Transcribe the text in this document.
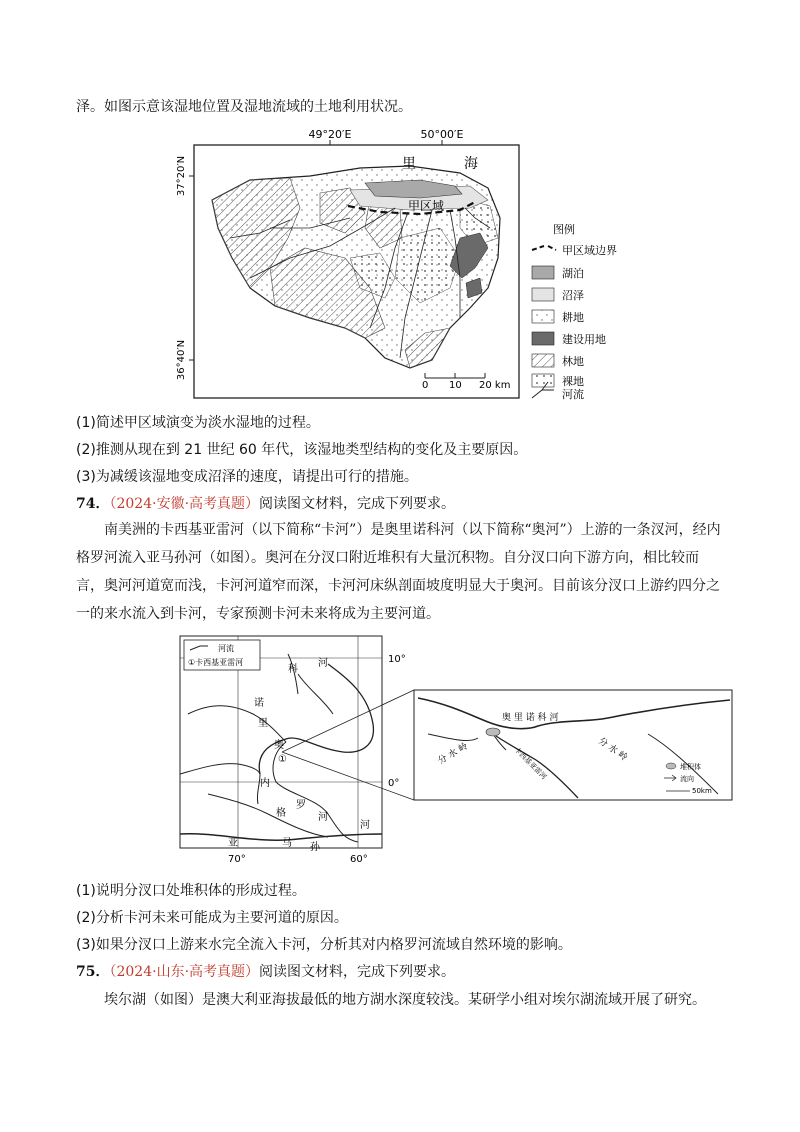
泽。如图示意该湿地位置及湿地流域的土地利用状况。
49°20′E	50°00′E
37°20′N
36°40′N
里	海
甲区域
0 10 20 km
图例
甲区域边界
湖泊
沼泽
耕地
建设用地
林地
裸地
河流
(1)简述甲区域演变为淡水湿地的过程。
(2)推测从现在到 21 世纪 60 年代，该湿地类型结构的变化及主要原因。
(3)为减缓该湿地变成沼泽的速度，请提出可行的措施。
74．（2024·安徽·高考真题）阅读图文材料，完成下列要求。
南美洲的卡西基亚雷河（以下简称“卡河”）是奥里诺科河（以下简称“奥河”）上游的一条汊河，经内格罗河流入亚马孙河（如图）。奥河在分汊口附近堆积有大量沉积物。自分汊口向下游方向，相比较而言，奥河河道宽而浅，卡河河道窄而深，卡河河床纵剖面坡度明显大于奥河。目前该分汊口上游约四分之一的来水流入到卡河，专家预测卡河未来将成为主要河道。
河流
①卡西基亚雷河	10°
0°
70°	60°
奥
里
诺
科
河
①
内
格
罗
河
亚	马 孙
河
奥 里 诺 科 河
分 水 岭	分 水 岭
卡西基亚雷河	堆积体
流向
50km
(1)说明分汊口处堆积体的形成过程。
(2)分析卡河未来可能成为主要河道的原因。
(3)如果分汊口上游来水完全流入卡河，分析其对内格罗河流域自然环境的影响。
75．（2024·山东·高考真题）阅读图文材料，完成下列要求。
埃尔湖（如图）是澳大利亚海拔最低的地方湖水深度较浅。某研学小组对埃尔湖流域开展了研究。
